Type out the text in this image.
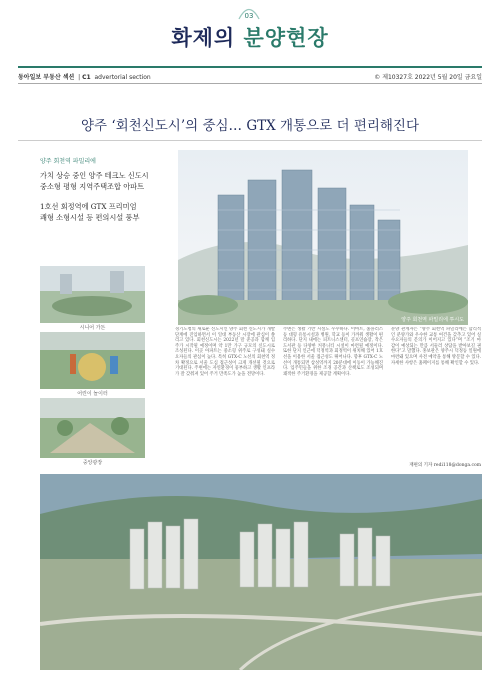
03
화제의 분양현장
동아일보 부동산 섹션  | C1 advertorial section	© 제10327호 2022년 5월 20일 금요일
양주 ‘회천신도시’의 중심… GTX 개통으로 더 편리해진다
양주 회천역 파밀리에
가치 상승 중인 양주 테크노 신도시
중소형 평형 지역주택조합 아파트
1호선 회정역에 GTX 프리미엄
쾌형 소형시설 등 편의시설 풍부
양주 회천역 파밀리에 투시도
시니어 가든
어린이 놀이터
중앙광장
경기도청의 새로운 신도시인 양주 회천 신도시가 개발 단계에 진입하면서 이 일대 부동산 시장에 관심이 쏠리고 있다. 회천신도시는 2022년 말 준공과 함께 입주가 시작될 예정이며 약 1만 가구 규모의 신도시로 조성된다. 이곳 아파트는 중소형 위주로 구성돼 실수요자들의 관심이 높다. 특히 GTX-C 노선의 회천역 정차 확정으로 서울 도심 접근성이 크게 개선될 것으로 기대된다. 주변에는 자연환경이 풍부하고 생활 인프라가 잘 갖춰져 있어 주거 만족도가 높을 전망이다.
주변은 생활 기반 시설도 우수하다. 이마트, 홈플러스 등 대형 유통시설과 병원, 학교 등이 가까워 생활이 편리하다. 단지 내에는 피트니스센터, 골프연습장, 작은도서관 등 다양한 커뮤니티 시설이 마련될 예정이다. 또한 단지 인근에 덕정역과 회정역이 위치해 있어 1호선을 이용한 서울 접근성도 뛰어나다. 향후 GTX-C 노선이 개통되면 삼성역까지 20분대에 이동이 가능해진다. 입주민들을 위한 조경 공간과 산책로도 조성되며 쾌적한 주거환경을 제공할 계획이다.
분양 관계자는 “양주 회천역 파밀리에는 합리적인 분양가와 우수한 교통 여건을 갖추고 있어 실수요자들의 문의가 이어지고 있다”며 “조기 마감이 예상되는 만큼 서둘러 상담을 받아보길 권한다”고 말했다. 홍보관은 양주시 덕정동 일원에 마련돼 있으며 사전 예약을 통해 방문할 수 있다. 자세한 사항은 홈페이지를 통해 확인할 수 있다.
재편의 기자 redi118@donga.com
